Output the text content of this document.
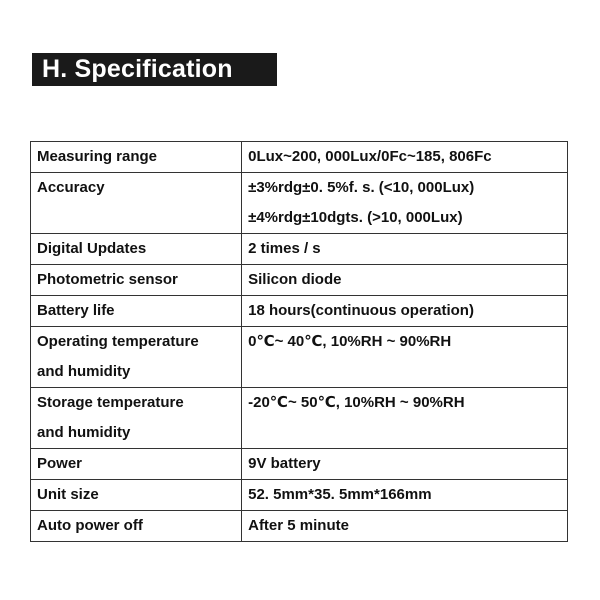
H. Specification
Measuring range	0Lux~200, 000Lux/0Fc~185, 806Fc

Accuracy	±3%rdg±0. 5%f. s. (<10, 000Lux)
±4%rdg±10dgts. (>10, 000Lux)

Digital Updates	2 times / s

Photometric sensor	Silicon diode

Battery life	18 hours(continuous operation)

Operating temperature
and humidity	0℃~ 40℃, 10%RH ~ 90%RH

Storage temperature
and humidity	-20℃~ 50℃, 10%RH ~ 90%RH

Power	9V battery

Unit size	52. 5mm*35. 5mm*166mm

Auto power off	After 5 minute
